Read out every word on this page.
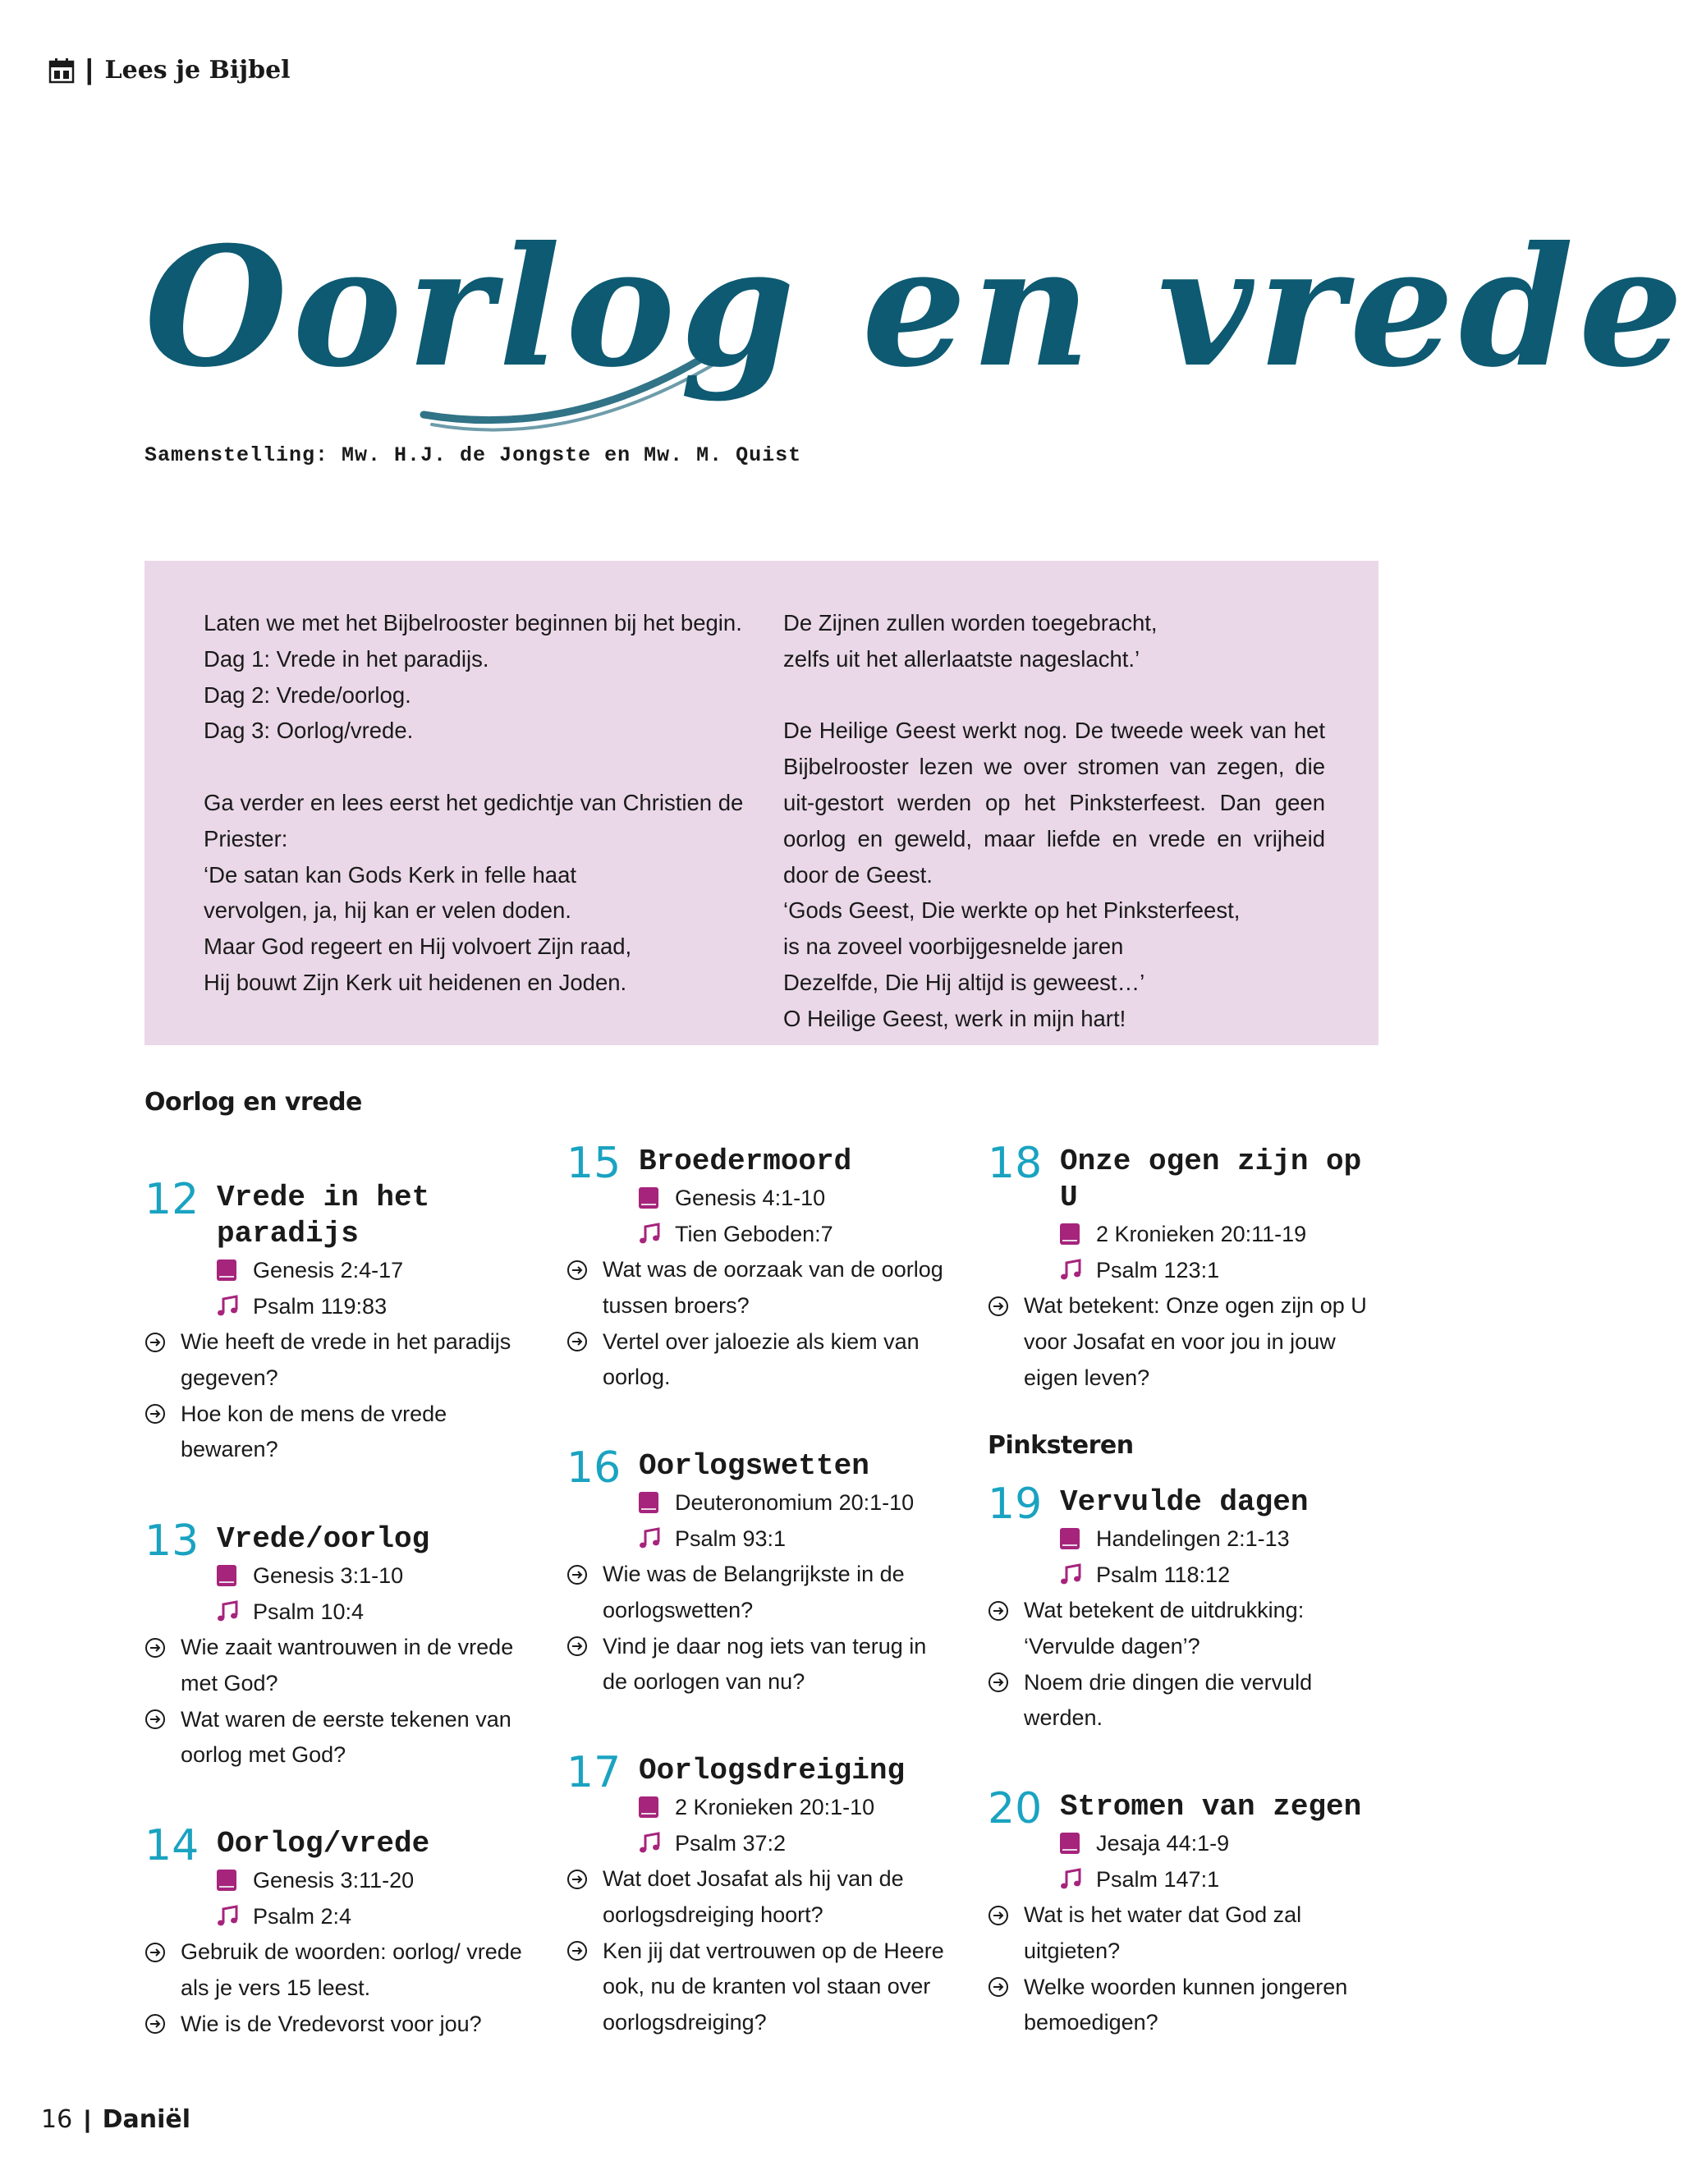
| Lees je Bijbel
Oorlog en vrede
Samenstelling: Mw. H.J. de Jongste en Mw. M. Quist

Laten we met het Bijbelrooster beginnen bij het begin.

Dag 1: Vrede in het paradijs.

Dag 2: Vrede/oorlog.

Dag 3: Oorlog/vrede.

Ga verder en lees eerst het gedichtje van Christien de Priester:

‘De satan kan Gods Kerk in felle haat

vervolgen, ja, hij kan er velen doden.

Maar God regeert en Hij volvoert Zijn raad,

Hij bouwt Zijn Kerk uit heidenen en Joden.

De Zijnen zullen worden toegebracht,

zelfs uit het allerlaatste nageslacht.’

De Heilige Geest werkt nog. De tweede week van het Bijbelrooster lezen we over stromen van zegen, die uit-gestort werden op het Pinksterfeest. Dan geen oorlog en geweld, maar liefde en vrede en vrijheid door de Geest.

‘Gods Geest, Die werkte op het Pinksterfeest,

is na zoveel voorbijgesnelde jaren

Dezelfde, Die Hij altijd is geweest…’

O Heilige Geest, werk in mijn hart!

Oorlog en vrede
Pinksteren
12 Vrede in het paradijs
Genesis 2:4-17
Psalm 119:83
Wie heeft de vrede in het paradijs gegeven?
Hoe kon de mens de vrede bewaren?
13 Vrede/oorlog
Genesis 3:1-10
Psalm 10:4
Wie zaait wantrouwen in de vrede met God?
Wat waren de eerste tekenen van oorlog met God?
14 Oorlog/vrede
Genesis 3:11-20
Psalm 2:4
Gebruik de woorden: oorlog/ vrede als je vers 15 leest.
Wie is de Vredevorst voor jou?
15 Broedermoord
Genesis 4:1-10
Tien Geboden:7
Wat was de oorzaak van de oorlog tussen broers?
Vertel over jaloezie als kiem van oorlog.
16 Oorlogswetten
Deuteronomium 20:1-10
Psalm 93:1
Wie was de Belangrijkste in de oorlogswetten?
Vind je daar nog iets van terug in de oorlogen van nu?
17 Oorlogsdreiging
2 Kronieken 20:1-10
Psalm 37:2
Wat doet Josafat als hij van de oorlogsdreiging hoort?
Ken jij dat vertrouwen op de Heere ook, nu de kranten vol staan over oorlogsdreiging?
18 Onze ogen zijn op U
2 Kronieken 20:11-19
Psalm 123:1
Wat betekent: Onze ogen zijn op U voor Josafat en voor jou in jouw eigen leven?
19 Vervulde dagen
Handelingen 2:1-13
Psalm 118:12
Wat betekent de uitdrukking: ‘Vervulde dagen’?
Noem drie dingen die vervuld werden.
20 Stromen van zegen
Jesaja 44:1-9
Psalm 147:1
Wat is het water dat God zal uitgieten?
Welke woorden kunnen jongeren bemoedigen?
16 | Daniël
